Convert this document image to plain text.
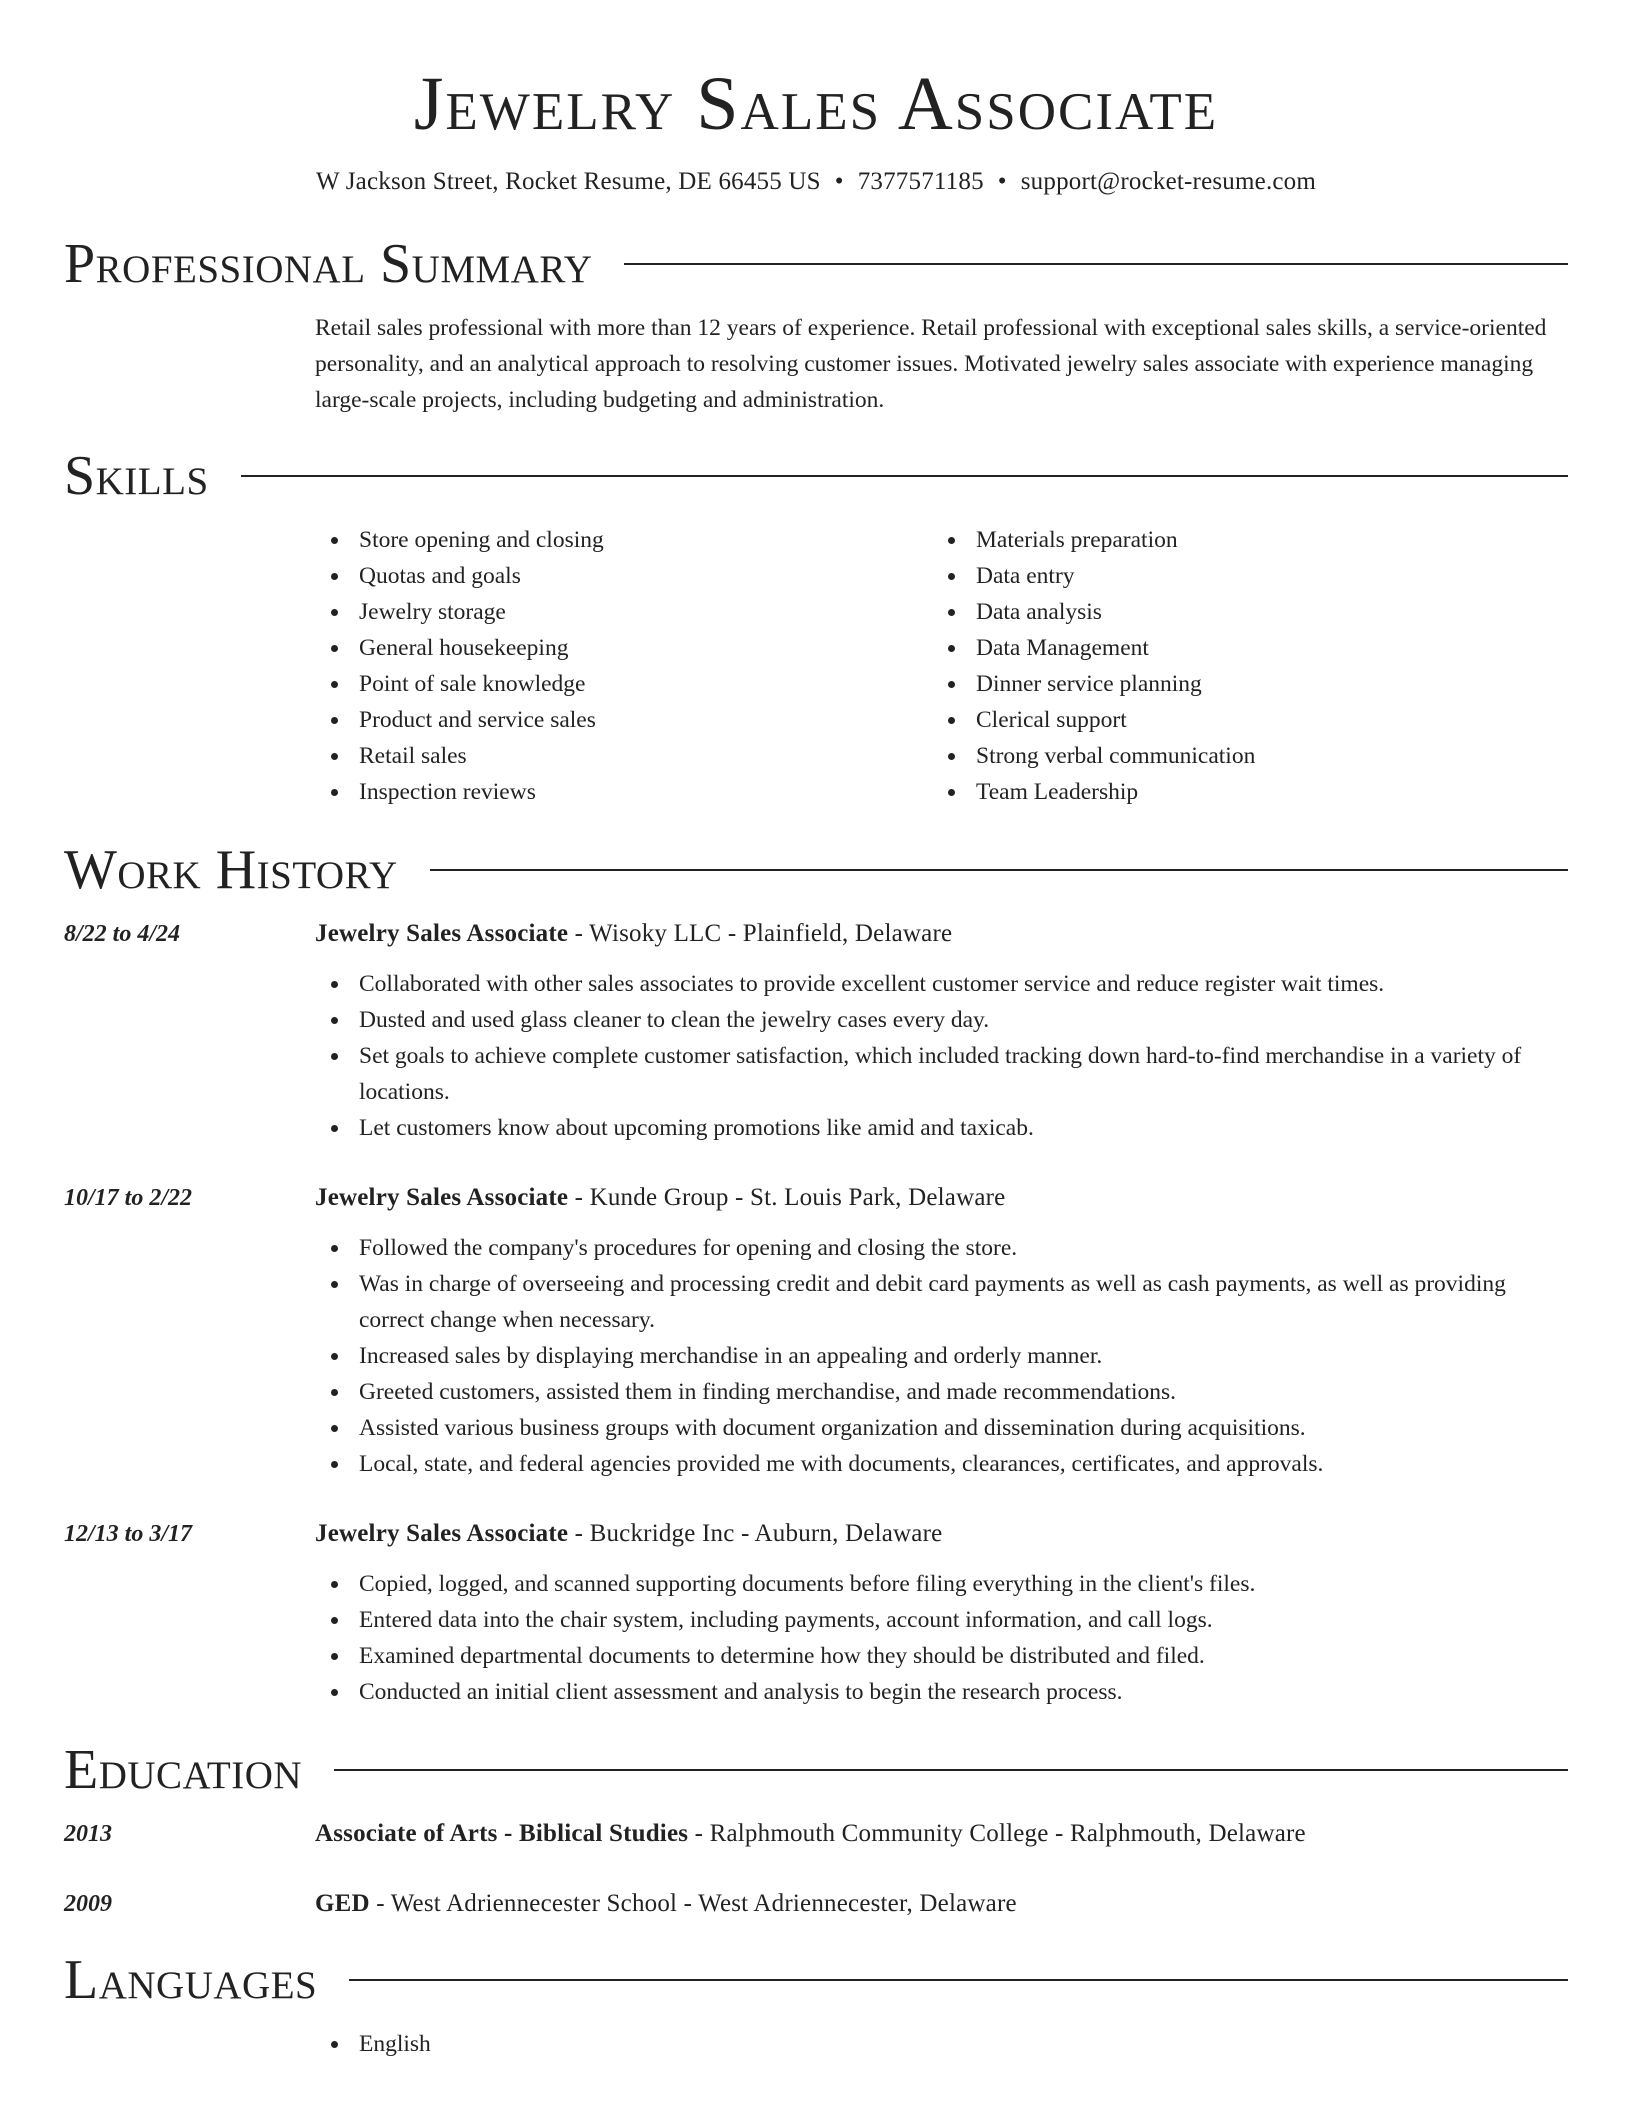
Jewelry Sales Associate
W Jackson Street, Rocket Resume, DE 66455 US • 7377571185 • support@rocket-resume.com
Professional Summary
Retail sales professional with more than 12 years of experience. Retail professional with exceptional sales skills, a service-oriented personality, and an analytical approach to resolving customer issues. Motivated jewelry sales associate with experience managing large-scale projects, including budgeting and administration.
Skills
Store opening and closing
Quotas and goals
Jewelry storage
General housekeeping
Point of sale knowledge
Product and service sales
Retail sales
Inspection reviews
Materials preparation
Data entry
Data analysis
Data Management
Dinner service planning
Clerical support
Strong verbal communication
Team Leadership
Work History
8/22 to 4/24	Jewelry Sales Associate - Wisoky LLC - Plainfield, Delaware
Collaborated with other sales associates to provide excellent customer service and reduce register wait times.
Dusted and used glass cleaner to clean the jewelry cases every day.
Set goals to achieve complete customer satisfaction, which included tracking down hard-to-find merchandise in a variety of locations.
Let customers know about upcoming promotions like amid and taxicab.
10/17 to 2/22	Jewelry Sales Associate - Kunde Group - St. Louis Park, Delaware
Followed the company's procedures for opening and closing the store.
Was in charge of overseeing and processing credit and debit card payments as well as cash payments, as well as providing correct change when necessary.
Increased sales by displaying merchandise in an appealing and orderly manner.
Greeted customers, assisted them in finding merchandise, and made recommendations.
Assisted various business groups with document organization and dissemination during acquisitions.
Local, state, and federal agencies provided me with documents, clearances, certificates, and approvals.
12/13 to 3/17	Jewelry Sales Associate - Buckridge Inc - Auburn, Delaware
Copied, logged, and scanned supporting documents before filing everything in the client's files.
Entered data into the chair system, including payments, account information, and call logs.
Examined departmental documents to determine how they should be distributed and filed.
Conducted an initial client assessment and analysis to begin the research process.
Education
2013	Associate of Arts - Biblical Studies - Ralphmouth Community College - Ralphmouth, Delaware
2009	GED - West Adriennecester School - West Adriennecester, Delaware
Languages
English
